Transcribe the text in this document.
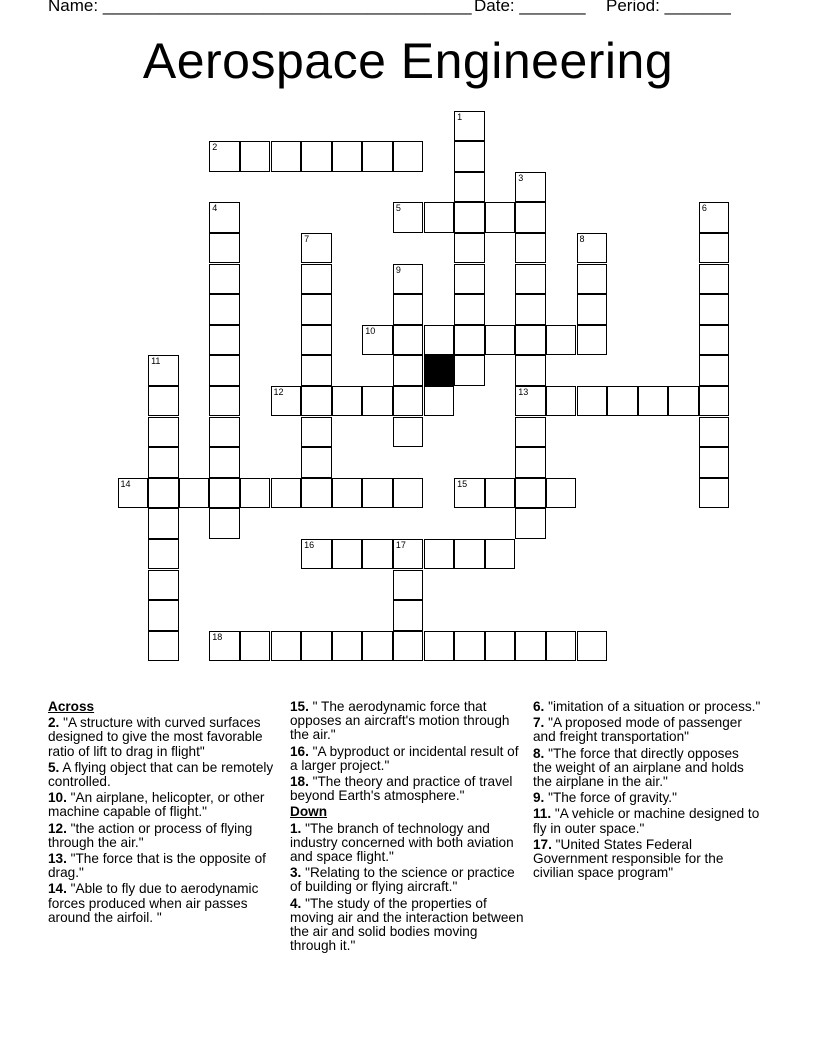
Name: _______________________________________ Date: _______ Period: _______
Aerospace Engineering
1
2
3
13
4	5	6
7	8
9
10
11
12
14	15
16	17
18
Across
2. "A structure with curved surfaces designed to give the most favorable ratio of lift to drag in flight"
5. A flying object that can be remotely controlled.
10. "An airplane, helicopter, or other machine capable of flight."
12. "the action or process of flying through the air."
13. "The force that is the opposite of drag."
14. "Able to fly due to aerodynamic forces produced when air passes around the airfoil. "
15. " The aerodynamic force that opposes an aircraft's motion through the air."
16. "A byproduct or incidental result of a larger project."
18. "The theory and practice of travel beyond Earth's atmosphere."
Down
1. "The branch of technology and industry concerned with both aviation and space flight."
3. "Relating to the science or practice of building or flying aircraft."
4. "The study of the properties of moving air and the interaction between the air and solid bodies moving through it."
6. "imitation of a situation or process."
7. "A proposed mode of passenger and freight transportation"
8. "The force that directly opposes the weight of an airplane and holds the airplane in the air."
9. "The force of gravity."
11. "A vehicle or machine designed to fly in outer space."
17. "United States Federal Government responsible for the civilian space program"
